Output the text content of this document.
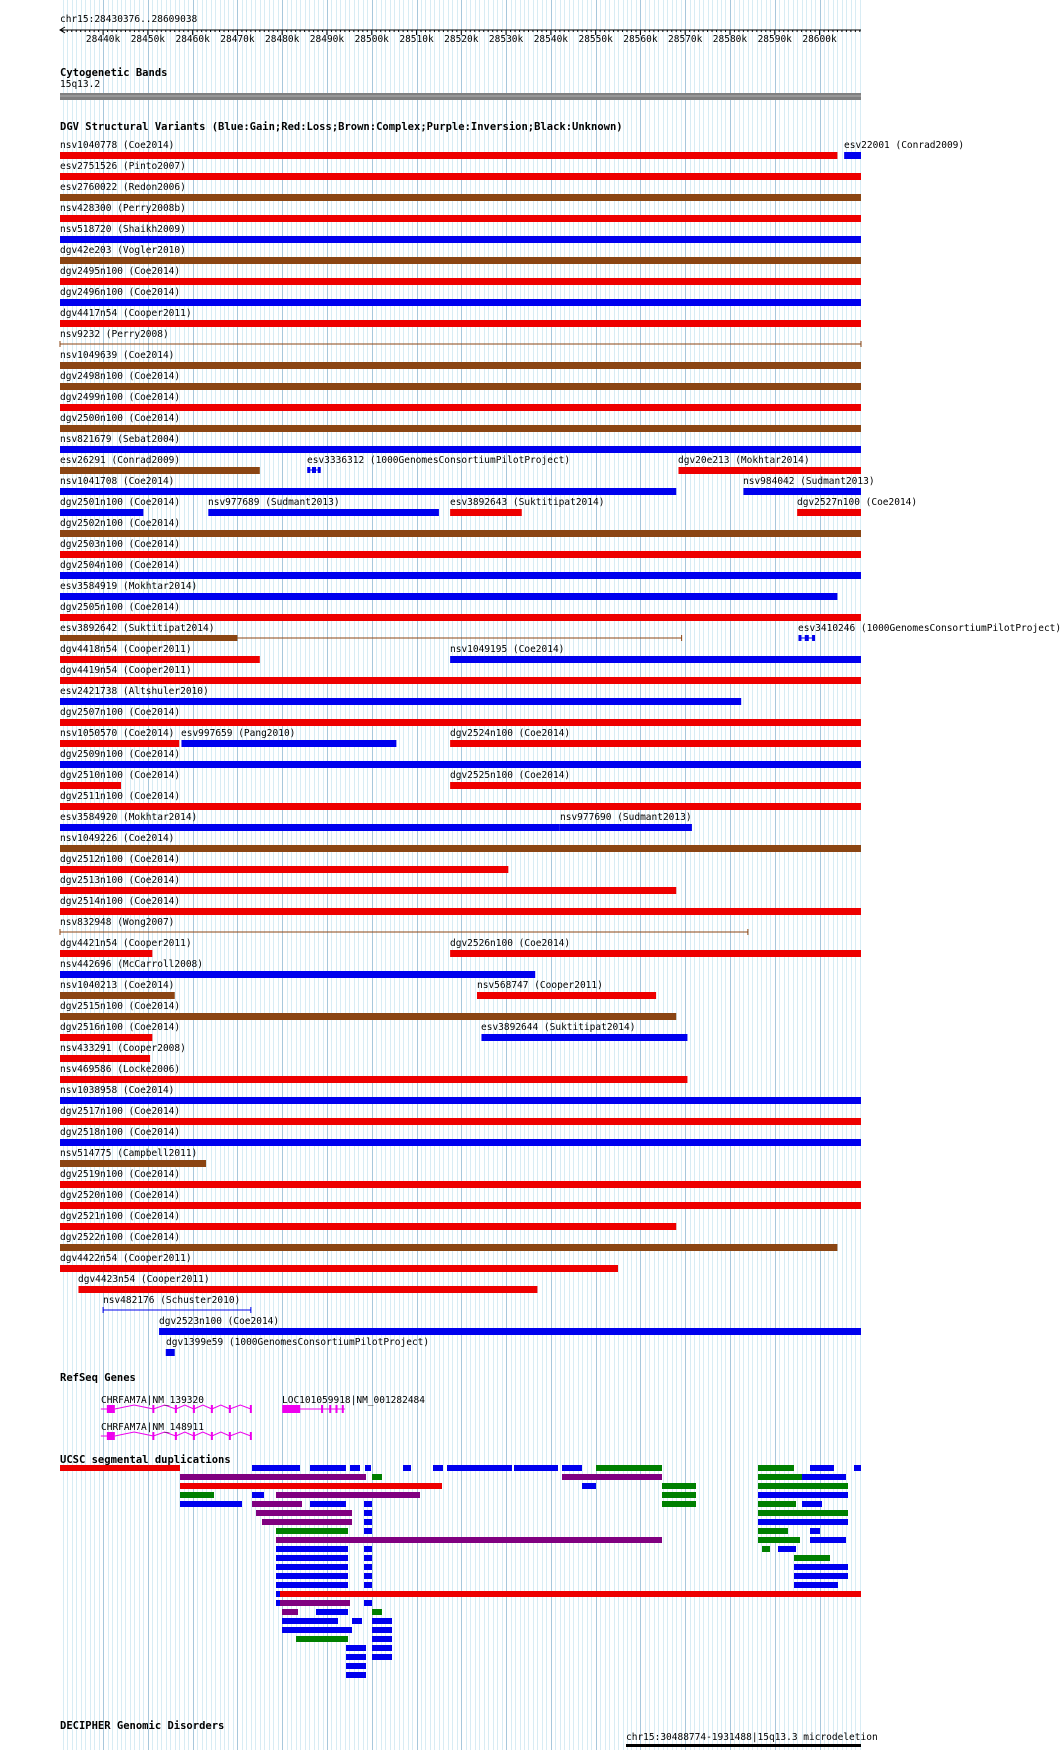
chr15:28430376..28609038
28440k 28450k 28460k 28470k 28480k 28490k 28500k 28510k 28520k 28530k 28540k 28550k 28560k 28570k 28580k 28590k 28600k
Cytogenetic Bands
15q13.2
DGV Structural Variants (Blue:Gain;Red:Loss;Brown:Complex;Purple:Inversion;Black:Unknown)
nsv1040778 (Coe2014)	esv22001 (Conrad2009)
esv2751526 (Pinto2007)
esv2760022 (Redon2006)
nsv428300 (Perry2008b)
nsv518720 (Shaikh2009)
dgv42e203 (Vogler2010)
dgv2495n100 (Coe2014)
dgv2496n100 (Coe2014)
dgv4417n54 (Cooper2011)
nsv9232 (Perry2008)
nsv1049639 (Coe2014)
dgv2498n100 (Coe2014)
dgv2499n100 (Coe2014)
dgv2500n100 (Coe2014)
nsv821679 (Sebat2004)
esv26291 (Conrad2009)	esv3336312 (1000GenomesConsortiumPilotProject)	dgv20e213 (Mokhtar2014)
nsv1041708 (Coe2014)	nsv984042 (Sudmant2013)
dgv2501n100 (Coe2014)	nsv977689 (Sudmant2013)	esv3892643 (Suktitipat2014)	dgv2527n100 (Coe2014)
dgv2502n100 (Coe2014)
dgv2503n100 (Coe2014)
dgv2504n100 (Coe2014)
esv3584919 (Mokhtar2014)
dgv2505n100 (Coe2014)
esv3892642 (Suktitipat2014)	esv3410246 (1000GenomesConsortiumPilotProject)
dgv4418n54 (Cooper2011)	nsv1049195 (Coe2014)
dgv4419n54 (Cooper2011)
esv2421738 (Altshuler2010)
dgv2507n100 (Coe2014)
nsv1050570 (Coe2014) esv997659 (Pang2010)	dgv2524n100 (Coe2014)
dgv2509n100 (Coe2014)
dgv2510n100 (Coe2014)	dgv2525n100 (Coe2014)
dgv2511n100 (Coe2014)
esv3584920 (Mokhtar2014)	nsv977690 (Sudmant2013)
nsv1049226 (Coe2014)
dgv2512n100 (Coe2014)
dgv2513n100 (Coe2014)
dgv2514n100 (Coe2014)
nsv832948 (Wong2007)
dgv4421n54 (Cooper2011)	dgv2526n100 (Coe2014)
nsv442696 (McCarroll2008)
nsv1040213 (Coe2014)	nsv568747 (Cooper2011)
dgv2515n100 (Coe2014)
dgv2516n100 (Coe2014)	esv3892644 (Suktitipat2014)
nsv433291 (Cooper2008)
nsv469586 (Locke2006)
nsv1038958 (Coe2014)
dgv2517n100 (Coe2014)
dgv2518n100 (Coe2014)
nsv514775 (Campbell2011)
dgv2519n100 (Coe2014)
dgv2520n100 (Coe2014)
dgv2521n100 (Coe2014)
dgv2522n100 (Coe2014)
dgv4422n54 (Cooper2011)
dgv4423n54 (Cooper2011)
nsv482176 (Schuster2010)
dgv2523n100 (Coe2014)
dgv1399e59 (1000GenomesConsortiumPilotProject)
RefSeq Genes
CHRFAM7A|NM_139320	LOC101059918|NM_001282484
CHRFAM7A|NM_148911
UCSC segmental duplications
DECIPHER Genomic Disorders
chr15:30488774-1931488|15q13.3 microdeletion
